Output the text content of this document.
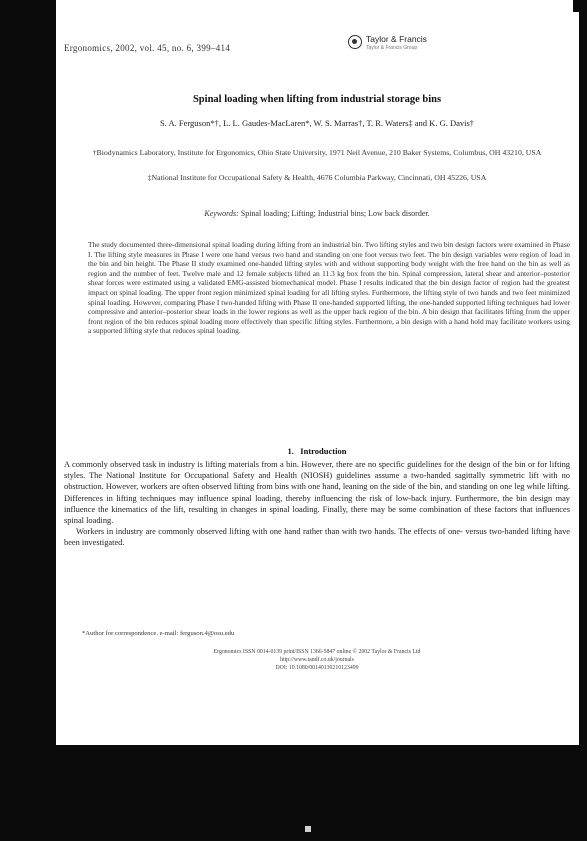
Ergonomics, 2002, vol. 45, no. 6, 399–414
Taylor & Francis
Taylor & Francis Group
Spinal loading when lifting from industrial storage bins
S. A. Ferguson*†, L. L. Gaudes-MacLaren*, W. S. Marras†, T. R. Waters‡ and K. G. Davis†
†Biodynamics Laboratory, Institute for Ergonomics, Ohio State University, 1971 Neil Avenue, 210 Baker Systems, Columbus, OH 43210, USA
‡National Institute for Occupational Safety & Health, 4676 Columbia Parkway, Cincinnati, OH 45226, USA
Keywords: Spinal loading; Lifting; Industrial bins; Low back disorder.
The study documented three-dimensional spinal loading during lifting from an industrial bin. Two lifting styles and two bin design factors were examined in Phase I. The lifting style measures in Phase I were one hand versus two hand and standing on one foot versus two feet. The bin design variables were region of load in the bin and bin height. The Phase II study examined one-handed lifting styles with and without supporting body weight with the free hand on the bin as well as region and the number of feet. Twelve male and 12 female subjects lifted an 11.3 kg box from the bin. Spinal compression, lateral shear and anterior–posterior shear forces were estimated using a validated EMG-assisted biomechanical model. Phase I results indicated that the bin design factor of region had the greatest impact on spinal loading. The upper front region minimized spinal loading for all lifting styles. Furthermore, the lifting style of two hands and two feet minimized spinal loading. However, comparing Phase I two-handed lifting with Phase II one-handed supported lifting, the one-handed supported lifting techniques had lower compressive and anterior–posterior shear loads in the lower regions as well as the upper back region of the bin. A bin design that facilitates lifting from the upper front region of the bin reduces spinal loading more effectively than specific lifting styles. Furthermore, a bin design with a hand hold may facilitate workers using a supported lifting style that reduces spinal loading.
1. Introduction

A commonly observed task in industry is lifting materials from a bin. However, there are no specific guidelines for the design of the bin or for lifting styles. The National Institute for Occupational Safety and Health (NIOSH) guidelines assume a two-handed sagittally symmetric lift with no obstruction. However, workers are often observed lifting from bins with one hand, leaning on the side of the bin, and standing on one leg while lifting. Differences in lifting techniques may influence spinal loading, thereby influencing the risk of low-back injury. Furthermore, the bin design may influence the kinematics of the lift, resulting in changes in spinal loading. Finally, there may be some combination of these factors that influences spinal loading.

Workers in industry are commonly observed lifting with one hand rather than with two hands. The effects of one- versus two-handed lifting have been investigated.

*Author for correspondence. e-mail: ferguson.4@osu.edu
Ergonomics ISSN 0014-0139 print/ISSN 1366-5847 online © 2002 Taylor & Francis Ltd
http://www.tandf.co.uk/journals
DOI: 10.1080/00140130210123499
